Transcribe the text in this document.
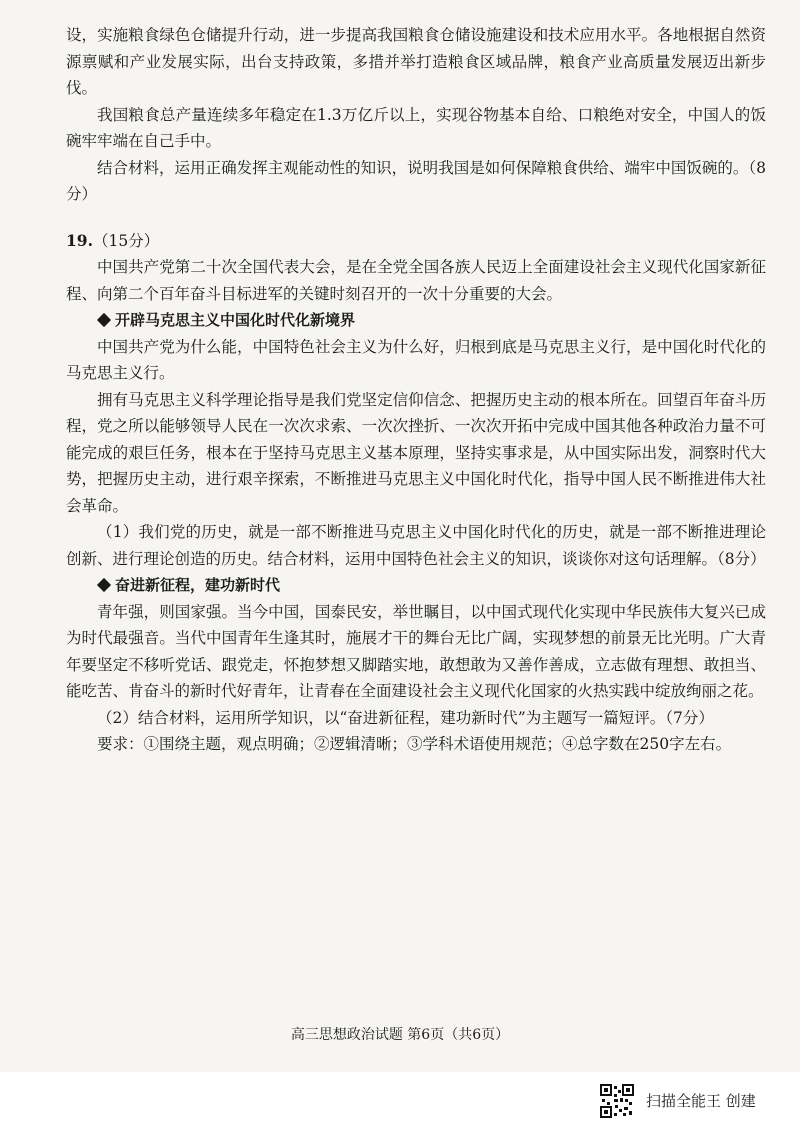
设，实施粮食绿色仓储提升行动，进一步提高我国粮食仓储设施建设和技术应用水平。各地根据自然资源禀赋和产业发展实际，出台支持政策，多措并举打造粮食区域品牌，粮食产业高质量发展迈出新步伐。

我国粮食总产量连续多年稳定在1.3万亿斤以上，实现谷物基本自给、口粮绝对安全，中国人的饭碗牢牢端在自己手中。

结合材料，运用正确发挥主观能动性的知识，说明我国是如何保障粮食供给、端牢中国饭碗的。（8分）

19.（15分）

中国共产党第二十次全国代表大会，是在全党全国各族人民迈上全面建设社会主义现代化国家新征程、向第二个百年奋斗目标进军的关键时刻召开的一次十分重要的大会。

开辟马克思主义中国化时代化新境界

中国共产党为什么能，中国特色社会主义为什么好，归根到底是马克思主义行，是中国化时代化的马克思主义行。

拥有马克思主义科学理论指导是我们党坚定信仰信念、把握历史主动的根本所在。回望百年奋斗历程，党之所以能够领导人民在一次次求索、一次次挫折、一次次开拓中完成中国其他各种政治力量不可能完成的艰巨任务，根本在于坚持马克思主义基本原理，坚持实事求是，从中国实际出发，洞察时代大势，把握历史主动，进行艰辛探索，不断推进马克思主义中国化时代化，指导中国人民不断推进伟大社会革命。

（1）我们党的历史，就是一部不断推进马克思主义中国化时代化的历史，就是一部不断推进理论创新、进行理论创造的历史。结合材料，运用中国特色社会主义的知识，谈谈你对这句话理解。（8分）

奋进新征程，建功新时代

青年强，则国家强。当今中国，国泰民安，举世瞩目，以中国式现代化实现中华民族伟大复兴已成为时代最强音。当代中国青年生逢其时，施展才干的舞台无比广阔，实现梦想的前景无比光明。广大青年要坚定不移听党话、跟党走，怀抱梦想又脚踏实地，敢想敢为又善作善成，立志做有理想、敢担当、能吃苦、肯奋斗的新时代好青年，让青春在全面建设社会主义现代化国家的火热实践中绽放绚丽之花。

（2）结合材料，运用所学知识，以“奋进新征程，建功新时代”为主题写一篇短评。（7分）

要求：①围绕主题，观点明确；②逻辑清晰；③学科术语使用规范；④总字数在250字左右。

高三思想政治试题 第6页（共6页）
扫描全能王 创建
